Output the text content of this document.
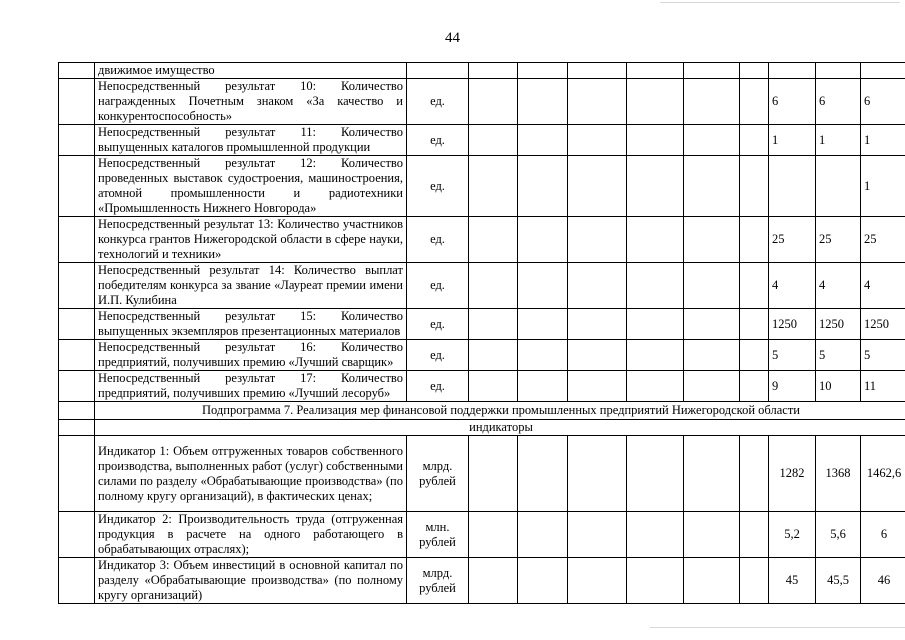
44
	движимое имущество										
	Непосредственный результат 10: Количество награжденных Почетным знаком «За качество и конкурентоспособность»	ед.							6	6	6
	Непосредственный результат 11: Количество выпущенных каталогов промышленной продукции	ед.							1	1	1
	Непосредственный результат 12: Количество проведенных выставок судостроения, машиностроения, атомной промышленности и радиотехники «Промышленность Нижнего Новгорода»	ед.									1
	Непосредственный результат 13: Количество участников конкурса грантов Нижегородской области в сфере науки, технологий и техники»	ед.							25	25	25
	Непосредственный результат 14: Количество выплат победителям конкурса за звание «Лауреат премии имени И.П. Кулибина	ед.							4	4	4
	Непосредственный результат 15: Количество выпущенных экземпляров презентационных материалов	ед.							1250	1250	1250
	Непосредственный результат 16: Количество предприятий, получивших премию «Лучший сварщик»	ед.							5	5	5
	Непосредственный результат 17: Количество предприятий, получивших премию «Лучший лесоруб»	ед.							9	10	11
	Подпрограмма 7. Реализация мер финансовой поддержки промышленных предприятий Нижегородской области										
	индикаторы										
	Индикатор 1: Объем отгруженных товаров собственного производства, выполненных работ (услуг) собственными силами по разделу «Обрабатывающие производства» (по полному кругу организаций), в фактических ценах;	млрд. рублей							1282	1368	1462,6
	Индикатор 2: Производительность труда (отгруженная продукция в расчете на одного работающего в обрабатывающих отраслях);	млн. рублей							5,2	5,6	6
	Индикатор 3: Объем инвестиций в основной капитал по разделу «Обрабатывающие производства» (по полному кругу организаций)	млрд. рублей							45	45,5	46
